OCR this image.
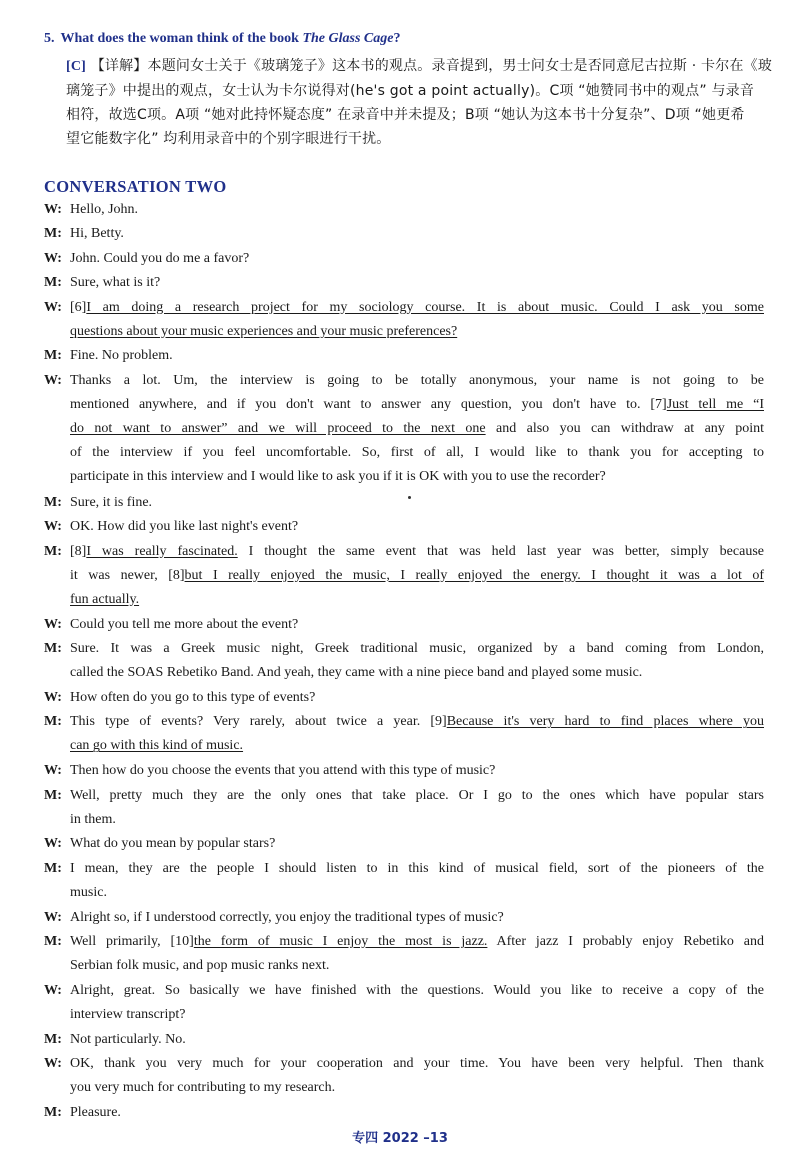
5. What does the woman think of the book The Glass Cage?
[C] 【详解】本题问女士关于《玻璃笼子》这本书的观点。录音提到，男士问女士是否同意尼古拉斯 · 卡尔在《玻
璃笼子》中提出的观点，女士认为卡尔说得对(he's got a point actually)。C项 “她赞同书中的观点” 与录音
相符，故选C项。A项 “她对此持怀疑态度” 在录音中并未提及；B项 “她认为这本书十分复杂”、D项 “她更希
望它能数字化” 均利用录音中的个别字眼进行干扰。
CONVERSATION TWO
W: Hello, John.
M: Hi, Betty.
W: John. Could you do me a favor?
M: Sure, what is it?
W: [6]I am doing a research project for my sociology course. It is about music. Could I ask you some
questions about your music experiences and your music preferences?
M: Fine. No problem.
W: Thanks a lot. Um, the interview is going to be totally anonymous, your name is not going to be
mentioned anywhere, and if you don't want to answer any question, you don't have to. [7]Just tell me “I
do not want to answer” and we will proceed to the next one and also you can withdraw at any point
of the interview if you feel uncomfortable. So, first of all, I would like to thank you for accepting to
participate in this interview and I would like to ask you if it is OK with you to use the recorder?
M: Sure, it is fine.
W: OK. How did you like last night's event?
M: [8]I was really fascinated. I thought the same event that was held last year was better, simply because
it was newer, [8]but I really enjoyed the music, I really enjoyed the energy. I thought it was a lot of
fun actually.
W: Could you tell me more about the event?
M: Sure. It was a Greek music night, Greek traditional music, organized by a band coming from London,
called the SOAS Rebetiko Band. And yeah, they came with a nine piece band and played some music.
W: How often do you go to this type of events?
M: This type of events? Very rarely, about twice a year. [9]Because it's very hard to find places where you
can go with this kind of music.
W: Then how do you choose the events that you attend with this type of music?
M: Well, pretty much they are the only ones that take place. Or I go to the ones which have popular stars
in them.
W: What do you mean by popular stars?
M: I mean, they are the people I should listen to in this kind of musical field, sort of the pioneers of the
music.
W: Alright so, if I understood correctly, you enjoy the traditional types of music?
M: Well primarily, [10]the form of music I enjoy the most is jazz. After jazz I probably enjoy Rebetiko and
Serbian folk music, and pop music ranks next.
W: Alright, great. So basically we have finished with the questions. Would you like to receive a copy of the
interview transcript?
M: Not particularly. No.
W: OK, thank you very much for your cooperation and your time. You have been very helpful. Then thank
you very much for contributing to my research.
M: Pleasure.
专四 2022 –13
